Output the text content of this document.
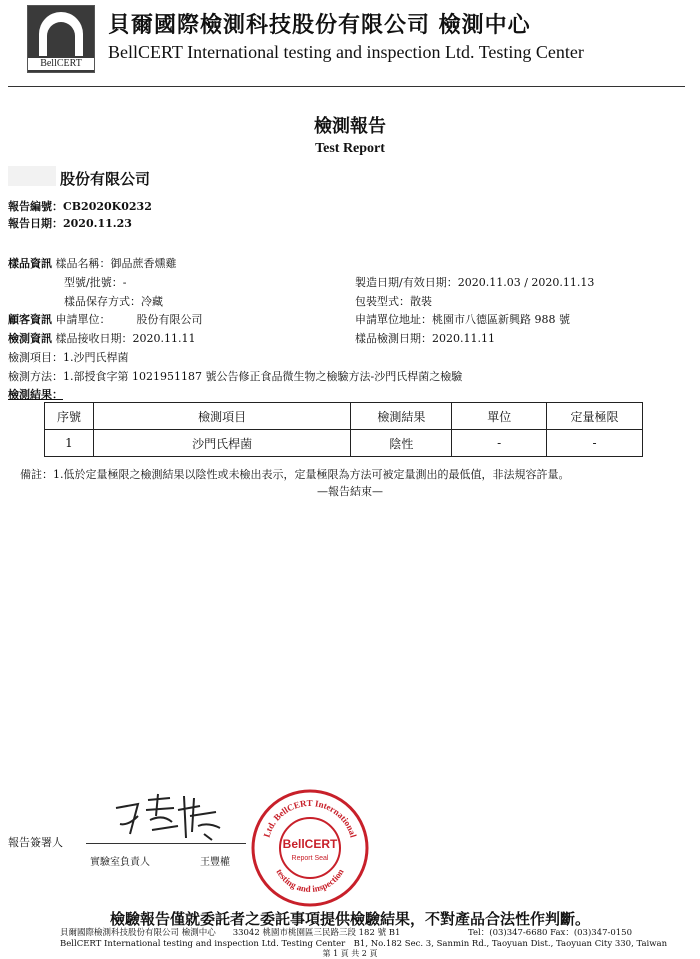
BellCERT
貝爾國際檢測科技股份有限公司 檢測中心
BellCERT International testing and inspection Ltd. Testing Center
檢測報告
Test Report
股份有限公司
報告編號：CB2020K0232
報告日期：2020.11.23
樣品資訊 樣品名稱：御品蔗香燻雞
型號/批號：-	製造日期/有效日期：2020.11.03 / 2020.11.13
樣品保存方式：冷藏	包裝型式：散裝
顧客資訊 申請單位： 股份有限公司	申請單位地址：桃園市八德區新興路 988 號
檢測資訊 樣品接收日期：2020.11.11	樣品檢測日期：2020.11.11
檢測項目：1.沙門氏桿菌
檢測方法：1.部授食字第 1021951187 號公告修正食品微生物之檢驗方法-沙門氏桿菌之檢驗
檢測結果：
序號	檢測項目	檢測結果	單位	定量極限
1	沙門氏桿菌	陰性	-	-
備註：1.低於定量極限之檢測結果以陰性或未檢出表示，定量極限為方法可被定量測出的最低值，非法規容許量。
—報告結束—
報告簽署人
實驗室負責人	王豐權
Ltd. BellCERT International
testing and inspection
BellCERT
Report Seal
檢驗報告僅就委託者之委託事項提供檢驗結果，不對產品合法性作判斷。
貝爾國際檢測科技股份有限公司 檢測中心　　33042 桃園市桃園區三民路三段 182 號 B1	Tel：(03)347-6680 Fax：(03)347-0150
BellCERT International testing and inspection Ltd. Testing Center　B1, No.182 Sec. 3, Sanmin Rd., Taoyuan Dist., Taoyuan City 330, Taiwan
第 1 頁 共 2 頁
